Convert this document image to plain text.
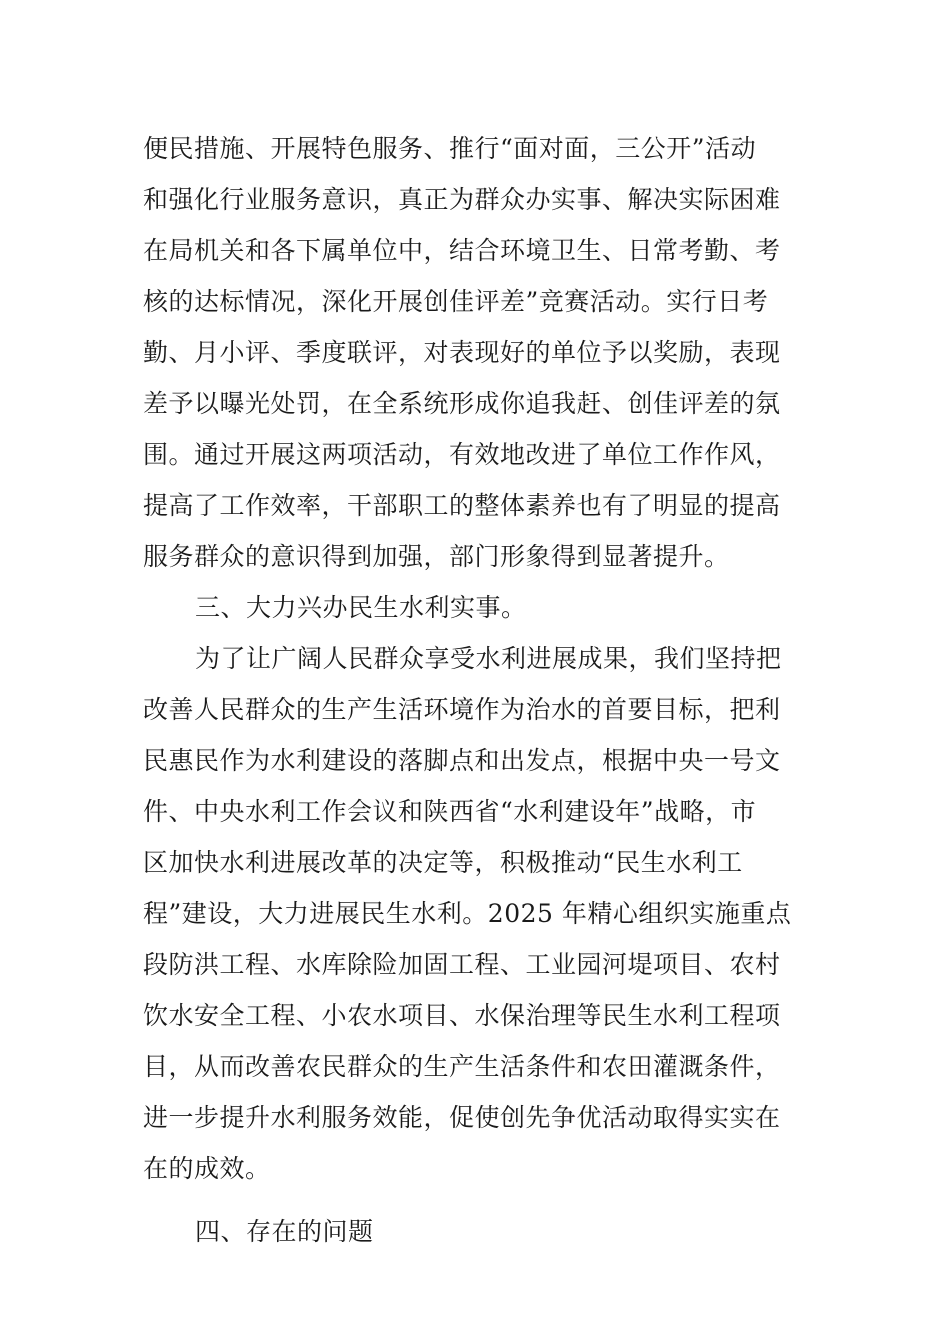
便民措施、开展特色服务、推行“面对面，三公开”活动
和强化行业服务意识，真正为群众办实事、解决实际困难
在局机关和各下属单位中，结合环境卫生、日常考勤、考
核的达标情况，深化开展创佳评差”竞赛活动。实行日考
勤、月小评、季度联评，对表现好的单位予以奖励，表现
差予以曝光处罚，在全系统形成你追我赶、创佳评差的氛
围。通过开展这两项活动，有效地改进了单位工作作风，
提高了工作效率，干部职工的整体素养也有了明显的提高
服务群众的意识得到加强，部门形象得到显著提升。
三、大力兴办民生水利实事。
为了让广阔人民群众享受水利进展成果，我们坚持把
改善人民群众的生产生活环境作为治水的首要目标，把利
民惠民作为水利建设的落脚点和出发点，根据中央一号文
件、中央水利工作会议和陕西省“水利建设年”战略，市
区加快水利进展改革的决定等，积极推动“民生水利工
程”建设，大力进展民生水利。2025 年精心组织实施重点
段防洪工程、水库除险加固工程、工业园河堤项目、农村
饮水安全工程、小农水项目、水保治理等民生水利工程项
目，从而改善农民群众的生产生活条件和农田灌溉条件，
进一步提升水利服务效能，促使创先争优活动取得实实在
在的成效。
四、存在的问题
